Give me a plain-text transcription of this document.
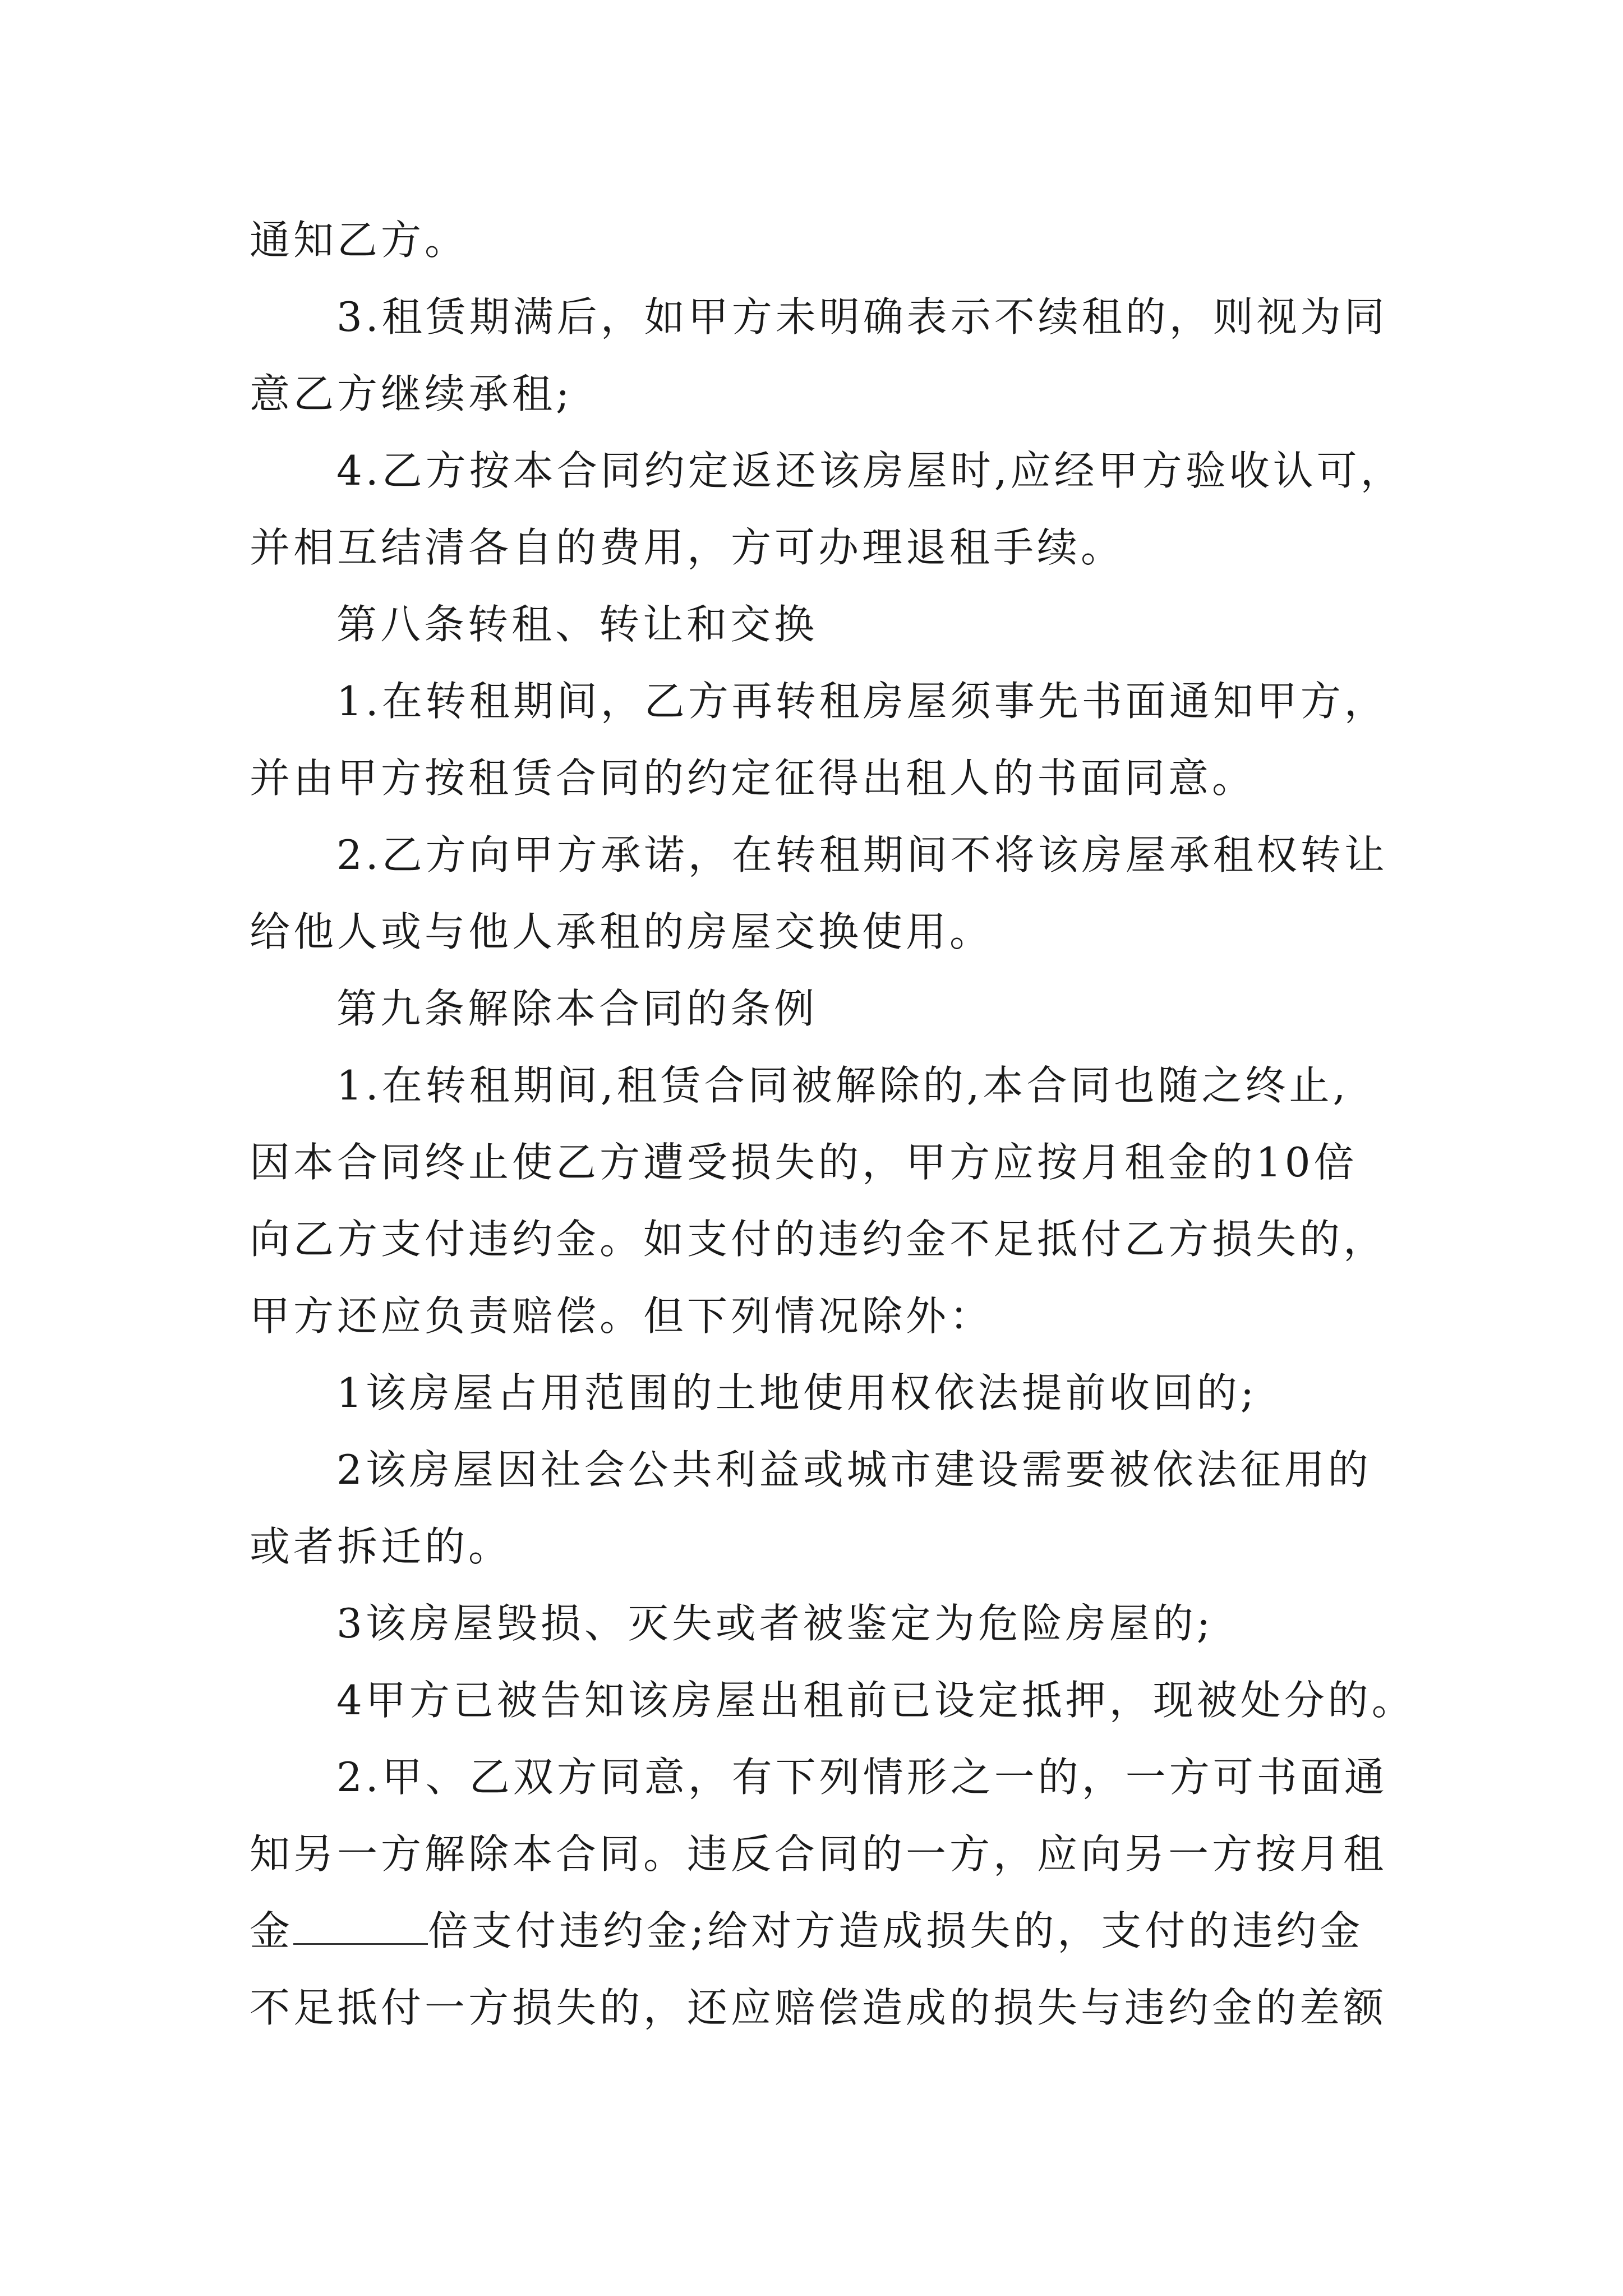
通知乙方。
3.租赁期满后，如甲方未明确表示不续租的，则视为同
意乙方继续承租;
4.乙方按本合同约定返还该房屋时,应经甲方验收认可，
并相互结清各自的费用，方可办理退租手续。
第八条转租、转让和交换
1.在转租期间，乙方再转租房屋须事先书面通知甲方，
并由甲方按租赁合同的约定征得出租人的书面同意。
2.乙方向甲方承诺，在转租期间不将该房屋承租权转让
给他人或与他人承租的房屋交换使用。
第九条解除本合同的条例
1.在转租期间,租赁合同被解除的,本合同也随之终止,
因本合同终止使乙方遭受损失的，甲方应按月租金的10倍
向乙方支付违约金。如支付的违约金不足抵付乙方损失的，
甲方还应负责赔偿。但下列情况除外：
1该房屋占用范围的土地使用权依法提前收回的;
2该房屋因社会公共利益或城市建设需要被依法征用的
或者拆迁的。
3该房屋毁损、灭失或者被鉴定为危险房屋的;
4甲方已被告知该房屋出租前已设定抵押，现被处分的。
2.甲、乙双方同意，有下列情形之一的，一方可书面通
知另一方解除本合同。违反合同的一方，应向另一方按月租
金	倍支付违约金;给对方造成损失的，支付的违约金
不足抵付一方损失的，还应赔偿造成的损失与违约金的差额
